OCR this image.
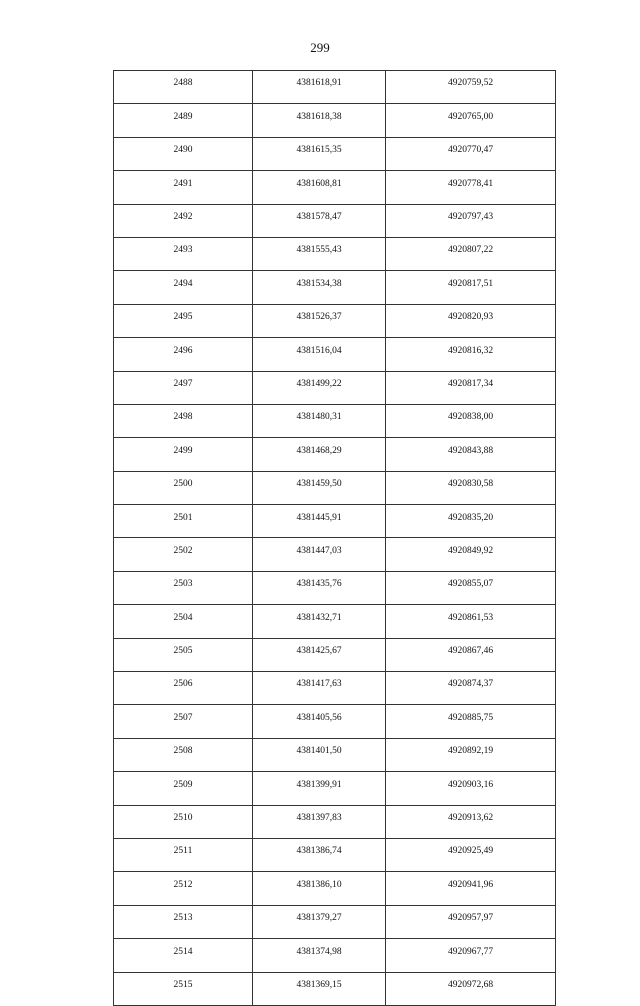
299
2488	4381618,91	4920759,52
2489	4381618,38	4920765,00
2490	4381615,35	4920770,47
2491	4381608,81	4920778,41
2492	4381578,47	4920797,43
2493	4381555,43	4920807,22
2494	4381534,38	4920817,51
2495	4381526,37	4920820,93
2496	4381516,04	4920816,32
2497	4381499,22	4920817,34
2498	4381480,31	4920838,00
2499	4381468,29	4920843,88
2500	4381459,50	4920830,58
2501	4381445,91	4920835,20
2502	4381447,03	4920849,92
2503	4381435,76	4920855,07
2504	4381432,71	4920861,53
2505	4381425,67	4920867,46
2506	4381417,63	4920874,37
2507	4381405,56	4920885,75
2508	4381401,50	4920892,19
2509	4381399,91	4920903,16
2510	4381397,83	4920913,62
2511	4381386,74	4920925,49
2512	4381386,10	4920941,96
2513	4381379,27	4920957,97
2514	4381374,98	4920967,77
2515	4381369,15	4920972,68
